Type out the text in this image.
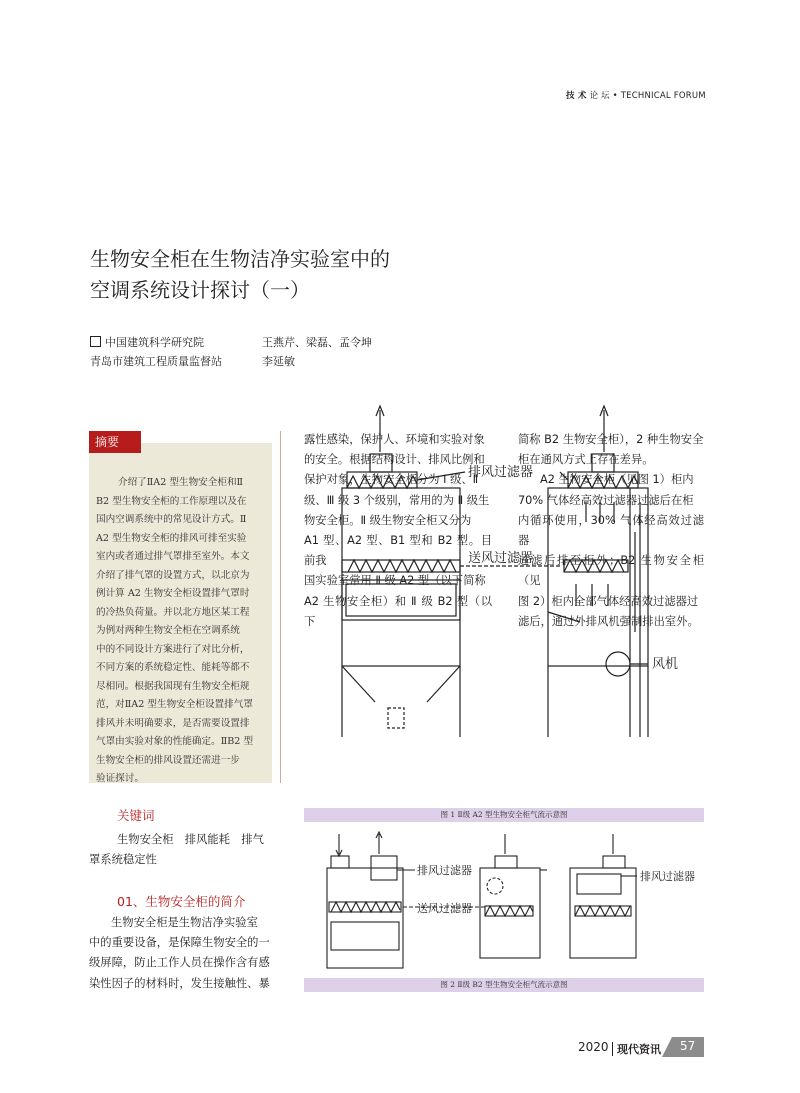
技 术 论 坛 • TECHNICAL FORUM
生物安全柜在生物洁净实验室中的
空调系统设计探讨（一）
中国建筑科学研究院
青岛市建筑工程质量监督站
王燕芹、梁磊、孟令坤
李延敏
摘要
介绍了ⅡA2 型生物安全柜和Ⅱ
B2 型生物安全柜的工作原理以及在
国内空调系统中的常见设计方式。Ⅱ
A2 型生物安全柜的排风可排至实验
室内或者通过排气罩排至室外。本文
介绍了排气罩的设置方式，以北京为
例计算 A2 生物安全柜设置排气罩时
的冷热负荷量。并以北方地区某工程
为例对两种生物安全柜在空调系统
中的不同设计方案进行了对比分析，
不同方案的系统稳定性、能耗等都不
尽相同。根据我国现有生物安全柜规
范，对ⅡA2 型生物安全柜设置排气罩
排风并未明确要求，是否需要设置排
气罩由实验对象的性能确定。ⅡB2 型
生物安全柜的排风设置还需进一步
验证探讨。
关键词
生物安全柜　排风能耗　排气
罩系统稳定性
01、生物安全柜的简介
生物安全柜是生物洁净实验室
中的重要设备，是保障生物安全的一
级屏障，防止工作人员在操作含有感
染性因子的材料时，发生接触性、暴
露性感染，保护人、环境和实验对象
的安全。根据结构设计、排风比例和
保护对象，生物安全柜分为 Ⅰ 级、Ⅱ
级、Ⅲ 级 3 个级别，常用的为 Ⅱ 级生
物安全柜。Ⅱ 级生物安全柜又分为
A1 型、A2 型、B1 型和 B2 型。目前我
国实验室常用 Ⅱ 级 A2 型（以下简称
A2 生物安全柜）和 Ⅱ 级 B2 型（以下
简称 B2 生物安全柜），2 种生物安全
柜在通风方式上存在差异。
A2 生物安全柜（见图 1）柜内
70% 气体经高效过滤器过滤后在柜
内循环使用，30% 气体经高效过滤器
过滤后排至柜外；B2 生物安全柜（见
图 2）柜内全部气体经高效过滤器过
滤后，通过外排风机强制排出室外。
排风过滤器
送风过滤器
风机
图 1 Ⅱ级 A2 型生物安全柜气流示意图
排风过滤器
送风过滤器
排风过滤器
图 2 Ⅱ级 B2 型生物安全柜气流示意图
2020 现代资讯 57
